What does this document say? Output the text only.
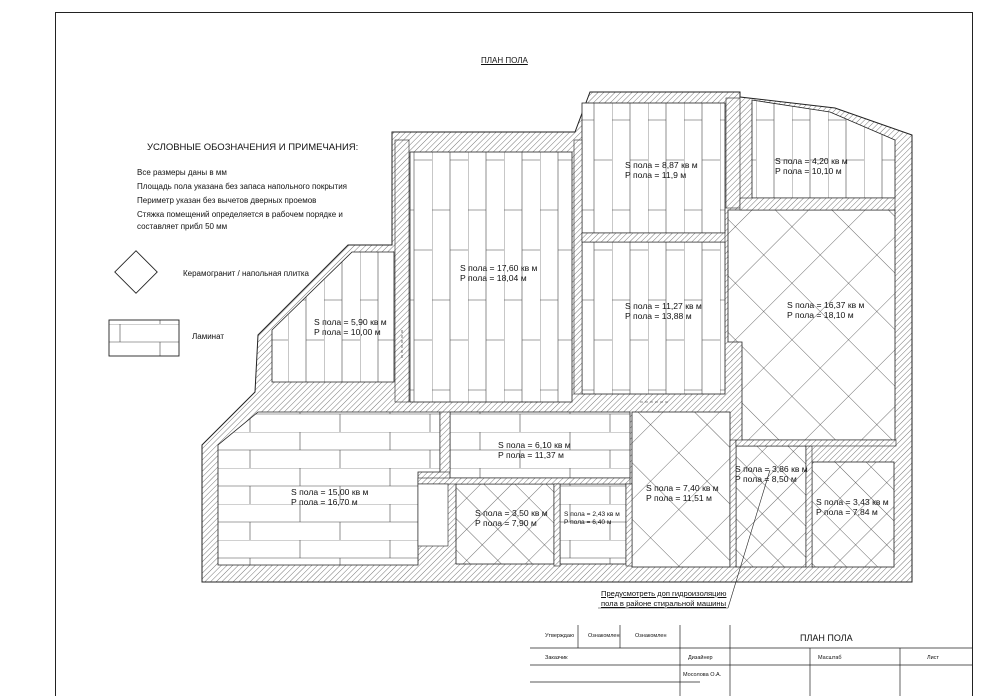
ПЛАН ПОЛА
УСЛОВНЫЕ ОБОЗНАЧЕНИЯ И ПРИМЕЧАНИЯ:
Все размеры даны в мм
Площадь пола указана без запаса напольного покрытия
Периметр указан без вычетов дверных проемов
Стяжка помещений определяется в рабочем порядке и
составляет прибл 50 мм
Керамогранит / напольная плитка
Ламинат
S пола = 17,60 кв м
P пола = 18,04 м
S пола = 8,87 кв м
P пола = 11,9 м
S пола = 4,20 кв м
P пола = 10,10 м
S пола = 5,90 кв м
P пола = 10,00 м
S пола = 11,27 кв м
P пола = 13,88 м
S пола = 16,37 кв м
P пола = 18,10 м
S пола = 6,10 кв м
P пола = 11,37 м
S пола = 15,00 кв м
P пола = 16,70 м
S пола = 3,50 кв м
P пола = 7,90 м
S пола = 2,43 кв м
P пола = 6,40 м
S пола = 7,40 кв м
P пола = 11,51 м
S пола = 3,86 кв м
P пола = 8,50 м
S пола = 3,43 кв м
P пола = 7,84 м
Предусмотреть доп гидроизоляцию
пола в районе стиральной машины
Утверждаю	Ознакомлен	Ознакомлен
Заказчик	Дизайнер
Мосолова О.А.
ПЛАН ПОЛА
Масштаб	Лист
